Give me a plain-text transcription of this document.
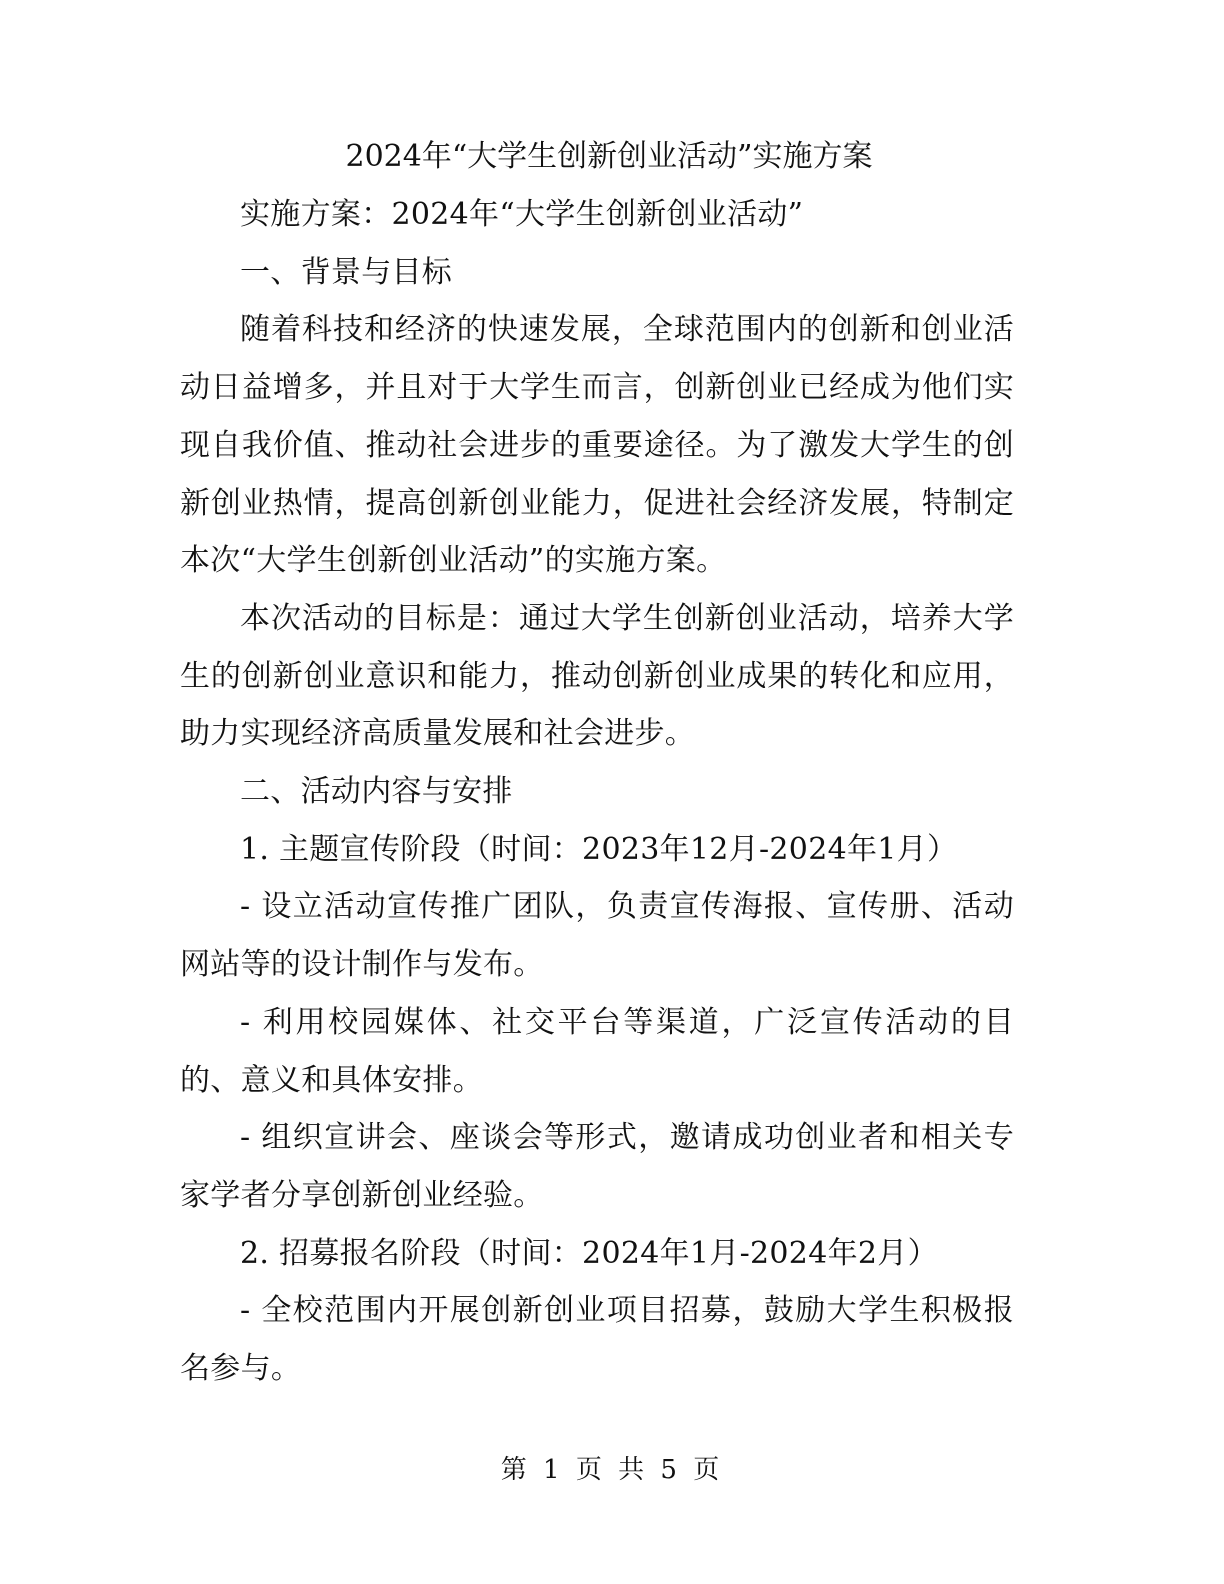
2024年“大学生创新创业活动”实施方案

实施方案：2024年“大学生创新创业活动”

一、背景与目标

随着科技和经济的快速发展，全球范围内的创新和创业活动日益增多，并且对于大学生而言，创新创业已经成为他们实现自我价值、推动社会进步的重要途径。为了激发大学生的创新创业热情，提高创新创业能力，促进社会经济发展，特制定本次“大学生创新创业活动”的实施方案。

本次活动的目标是：通过大学生创新创业活动，培养大学生的创新创业意识和能力，推动创新创业成果的转化和应用，助力实现经济高质量发展和社会进步。

二、活动内容与安排

1. 主题宣传阶段（时间：2023年12月-2024年1月）

- 设立活动宣传推广团队，负责宣传海报、宣传册、活动网站等的设计制作与发布。

- 利用校园媒体、社交平台等渠道，广泛宣传活动的目的、意义和具体安排。

- 组织宣讲会、座谈会等形式，邀请成功创业者和相关专家学者分享创新创业经验。

2. 招募报名阶段（时间：2024年1月-2024年2月）

- 全校范围内开展创新创业项目招募，鼓励大学生积极报名参与。

第 1 页 共 5 页
